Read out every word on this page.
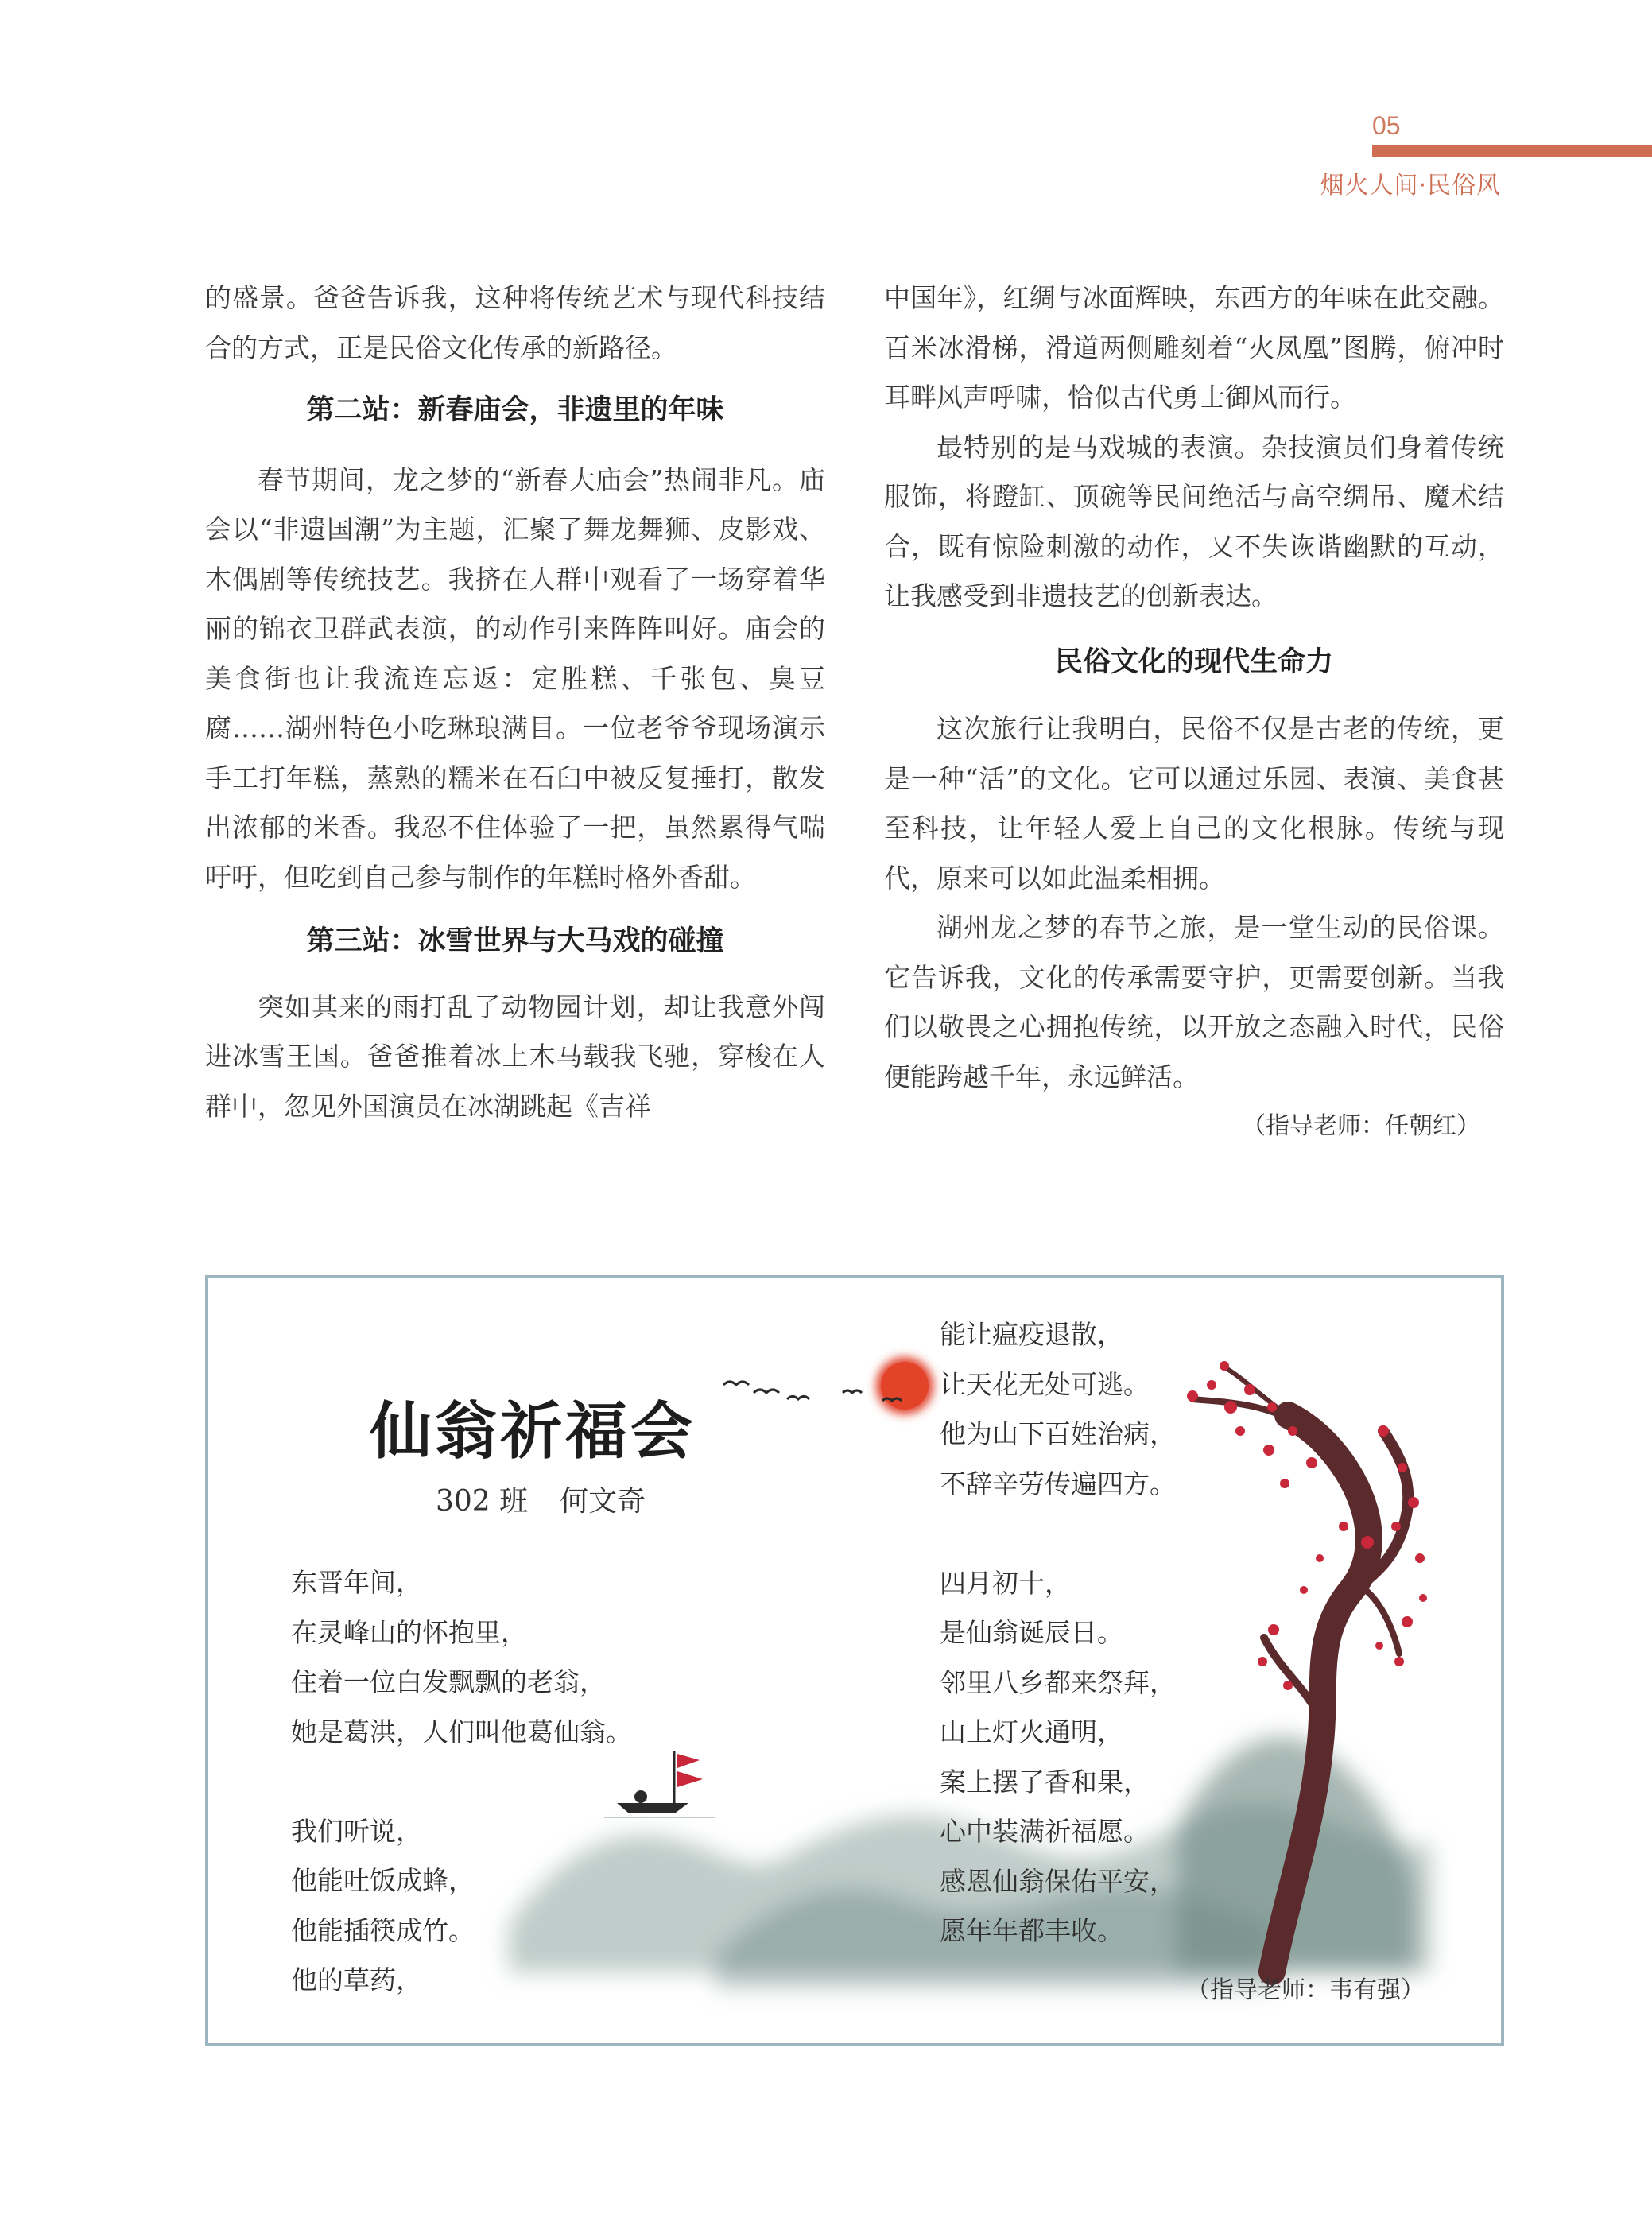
05
烟火人间·民俗风

的盛景。爸爸告诉我，这种将传统艺术与现代科技结合的方式，正是民俗文化传承的新路径。

第二站：新春庙会，非遗里的年味

春节期间，龙之梦的“新春大庙会”热闹非凡。庙会以“非遗国潮”为主题，汇聚了舞龙舞狮、皮影戏、木偶剧等传统技艺。我挤在人群中观看了一场穿着华丽的锦衣卫群武表演，的动作引来阵阵叫好。庙会的美食街也让我流连忘返：定胜糕、千张包、臭豆腐……湖州特色小吃琳琅满目。一位老爷爷现场演示手工打年糕，蒸熟的糯米在石臼中被反复捶打，散发出浓郁的米香。我忍不住体验了一把，虽然累得气喘吁吁，但吃到自己参与制作的年糕时格外香甜。

第三站：冰雪世界与大马戏的碰撞

突如其来的雨打乱了动物园计划，却让我意外闯进冰雪王国。爸爸推着冰上木马载我飞驰，穿梭在人群中，忽见外国演员在冰湖跳起《吉祥

中国年》，红绸与冰面辉映，东西方的年味在此交融。百米冰滑梯，滑道两侧雕刻着“火凤凰”图腾，俯冲时耳畔风声呼啸，恰似古代勇士御风而行。

最特别的是马戏城的表演。杂技演员们身着传统服饰，将蹬缸、顶碗等民间绝活与高空绸吊、魔术结合，既有惊险刺激的动作，又不失诙谐幽默的互动，让我感受到非遗技艺的创新表达。

民俗文化的现代生命力

这次旅行让我明白，民俗不仅是古老的传统，更是一种“活”的文化。它可以通过乐园、表演、美食甚至科技，让年轻人爱上自己的文化根脉。传统与现代，原来可以如此温柔相拥。

湖州龙之梦的春节之旅，是一堂生动的民俗课。它告诉我，文化的传承需要守护，更需要创新。当我们以敬畏之心拥抱传统，以开放之态融入时代，民俗便能跨越千年，永远鲜活。

（指导老师：任朝红）
仙翁祈福会
302 班 何文奇
东晋年间，
在灵峰山的怀抱里，
住着一位白发飘飘的老翁，
她是葛洪，人们叫他葛仙翁。
我们听说，
他能吐饭成蜂，
他能插筷成竹。
他的草药，
能让瘟疫退散，
让天花无处可逃。
他为山下百姓治病，
不辞辛劳传遍四方。
四月初十，
是仙翁诞辰日。
邻里八乡都来祭拜，
山上灯火通明，
案上摆了香和果，
心中装满祈福愿。
感恩仙翁保佑平安，
愿年年都丰收。
（指导老师：韦有强）
